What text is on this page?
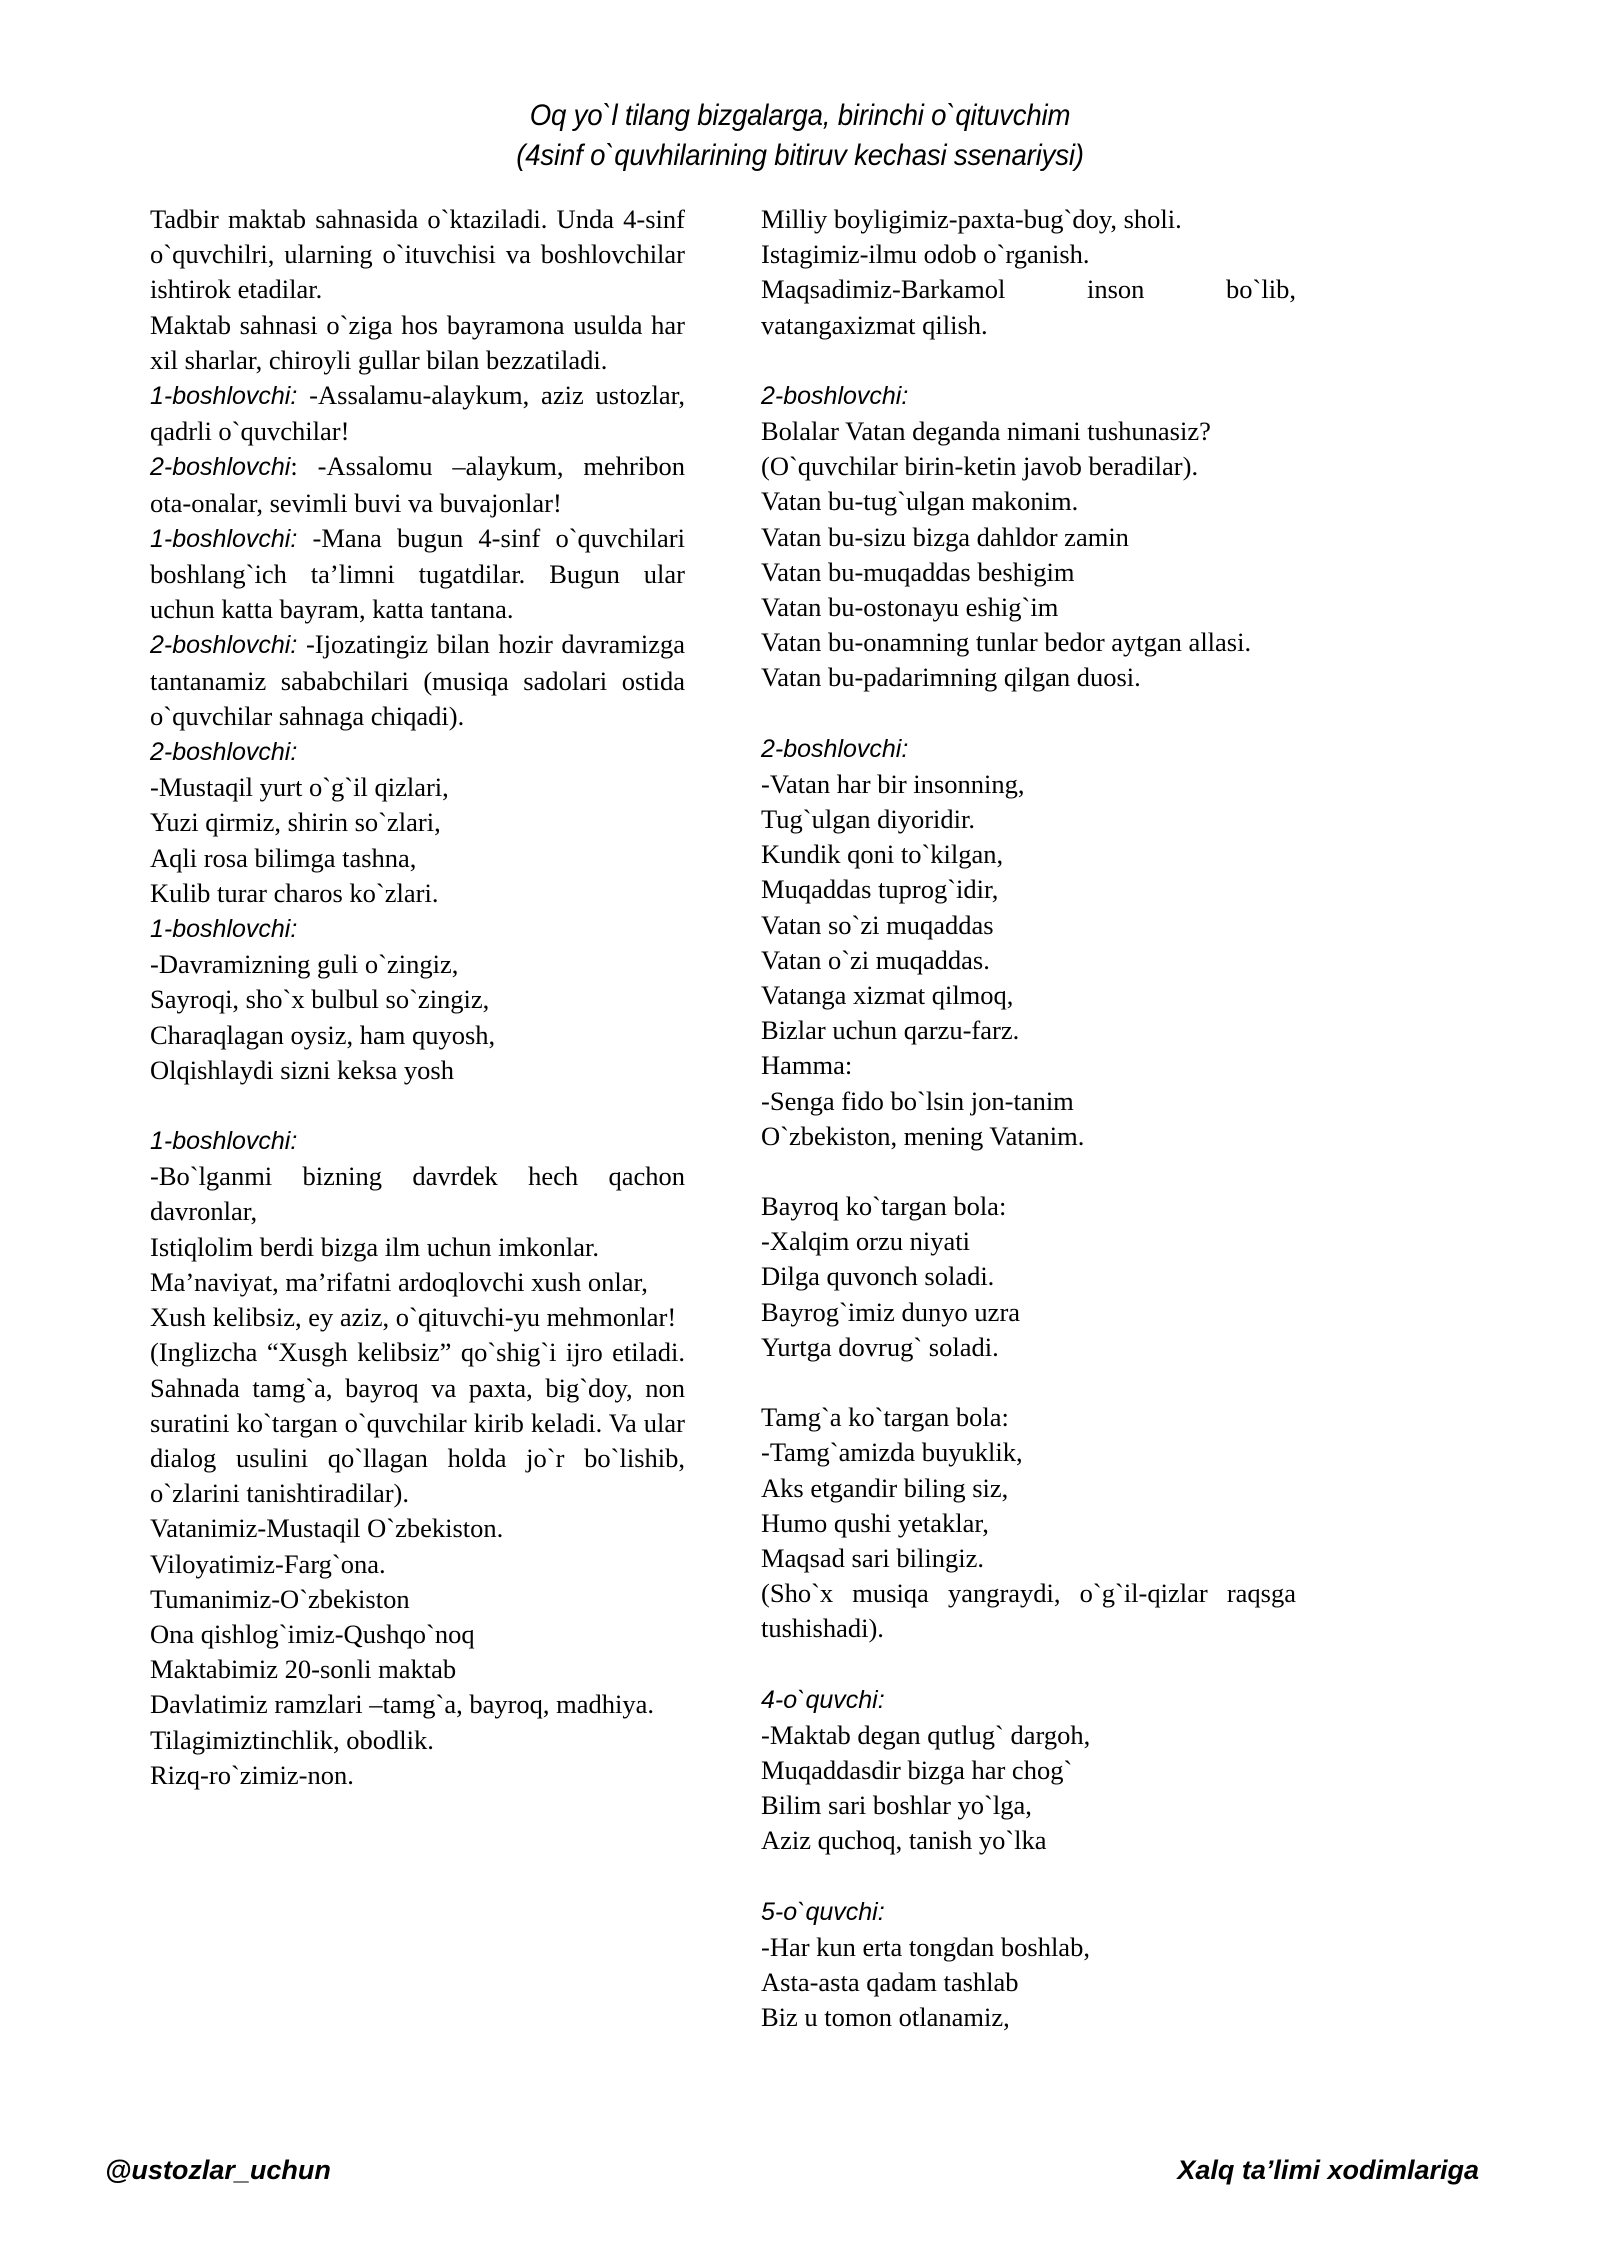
Oq yo`l tilang bizgalarga, birinchi o`qituvchim
(4sinf o`quvhilarining bitiruv kechasi ssenariysi)

Tadbir maktab sahnasida o`ktaziladi. Unda 4-sinf o`quvchilri, ularning o`ituvchisi va boshlovchilar ishtirok etadilar.

Maktab sahnasi o`ziga hos bayramona usulda har xil sharlar, chiroyli gullar bilan bezzatiladi.

1-boshlovchi: -Assalamu-alaykum, aziz ustozlar, qadrli o`quvchilar!

2-boshlovchi: -Assalomu –alaykum, mehribon ota-onalar, sevimli buvi va buvajonlar!

1-boshlovchi: -Mana bugun 4-sinf o`quvchilari boshlang`ich ta’limni tugatdilar. Bugun ular uchun katta bayram, katta tantana.

2-boshlovchi: -Ijozatingiz bilan hozir davramizga tantanamiz sababchilari (musiqa sadolari ostida o`quvchilar sahnaga chiqadi).

2-boshlovchi:
-Mustaqil yurt o`g`il qizlari,
Yuzi qirmiz, shirin so`zlari,
Aqli rosa bilimga tashna,
Kulib turar charos ko`zlari.
1-boshlovchi:
-Davramizning guli o`zingiz,
Sayroqi, sho`x bulbul so`zingiz,
Charaqlagan oysiz, ham quyosh,
Olqishlaydi sizni keksa yosh
1-boshlovchi:

-Bo`lganmi bizning davrdek hech qachon davronlar,

Istiqlolim berdi bizga ilm uchun imkonlar.

Ma’naviyat, ma’rifatni ardoqlovchi xush onlar,

Xush kelibsiz, ey aziz, o`qituvchi-yu mehmonlar!

(Inglizcha “Xusgh kelibsiz” qo`shig`i ijro etiladi. Sahnada tamg`a, bayroq va paxta, big`doy, non suratini ko`targan o`quvchilar kirib keladi. Va ular dialog usulini qo`llagan holda jo`r bo`lishib, o`zlarini tanishtiradilar).

Vatanimiz-Mustaqil O`zbekiston.
Viloyatimiz-Farg`ona.
Tumanimiz-O`zbekiston
Ona qishlog`imiz-Qushqo`noq
Maktabimiz 20-sonli maktab

Davlatimiz ramzlari –tamg`a, bayroq, madhiya.

Tilagimiztinchlik, obodlik.
Rizq-ro`zimiz-non.
Milliy boyligimiz-paxta-bug`doy, sholi.
Istagimiz-ilmu odob o`rganish.

Maqsadimiz-Barkamol inson bo`lib, vatangaxizmat qilish.

2-boshlovchi:
Bolalar Vatan deganda nimani tushunasiz?
(O`quvchilar birin-ketin javob beradilar).
Vatan bu-tug`ulgan makonim.
Vatan bu-sizu bizga dahldor zamin
Vatan bu-muqaddas beshigim
Vatan bu-ostonayu eshig`im

Vatan bu-onamning tunlar bedor aytgan allasi.

Vatan bu-padarimning qilgan duosi.
2-boshlovchi:
-Vatan har bir insonning,
Tug`ulgan diyoridir.
Kundik qoni to`kilgan,
Muqaddas tuprog`idir,
Vatan so`zi muqaddas
Vatan o`zi muqaddas.
Vatanga xizmat qilmoq,
Bizlar uchun qarzu-farz.
Hamma:
-Senga fido bo`lsin jon-tanim
O`zbekiston, mening Vatanim.
Bayroq ko`targan bola:
-Xalqim orzu niyati
Dilga quvonch soladi.
Bayrog`imiz dunyo uzra
Yurtga dovrug` soladi.
Tamg`a ko`targan bola:
-Tamg`amizda buyuklik,
Aks etgandir biling siz,
Humo qushi yetaklar,
Maqsad sari bilingiz.

(Sho`x musiqa yangraydi, o`g`il-qizlar raqsga tushishadi).

4-o`quvchi:
-Maktab degan qutlug` dargoh,
Muqaddasdir bizga har chog`
Bilim sari boshlar yo`lga,
Aziz quchoq, tanish yo`lka
5-o`quvchi:
-Har kun erta tongdan boshlab,
Asta-asta qadam tashlab
Biz u tomon otlanamiz,
@ustozlar_uchun	Xalq ta’limi xodimlariga
